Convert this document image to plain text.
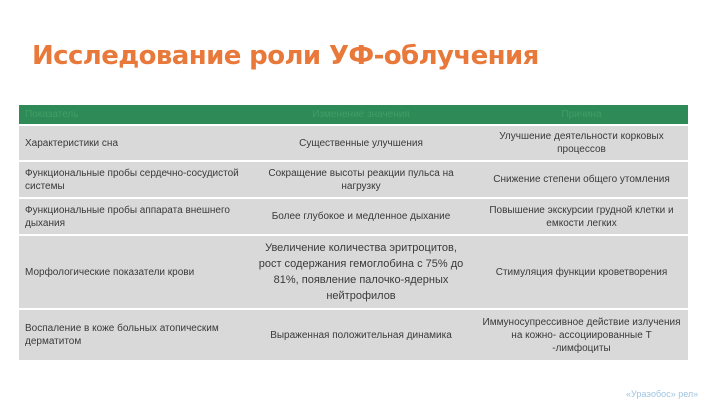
Исследование роли УФ-облучения
Показатель	Изменение значения	Причина
Характеристики сна	Существенные улучшения	Улучшение деятельности корковых процессов
Функциональные пробы сердечно-сосудистой системы	Сокращение высоты реакции пульса на нагрузку	Снижение степени общего утомления
Функциональные пробы аппарата внешнего дыхания	Более глубокое и медленное дыхание	Повышение экскурсии грудной клетки и емкости легких
Морфологические показатели крови	Увеличение количества эритроцитов, рост содержания гемоглобина с 75% до 81%, появление палочко-ядерных нейтрофилов	Стимуляция функции кроветворения
Воспаление в коже больных атопическим дерматитом	Выраженная положительная динамика	Иммуносупрессивное действие излучения на кожно- ассоциированные Т -лимфоциты
«Ураэобос» рел»
